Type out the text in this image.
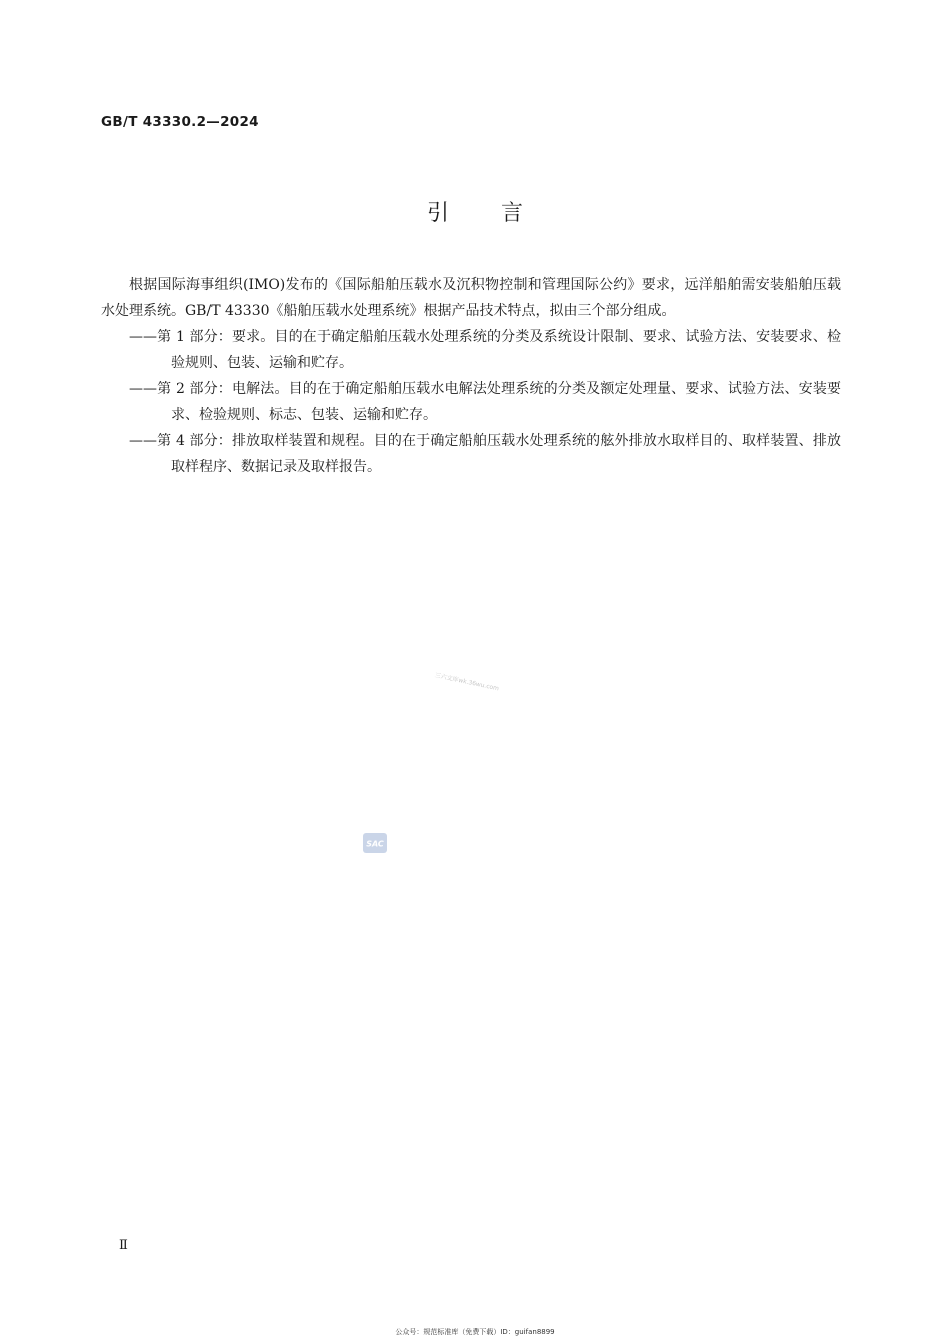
GB/T 43330.2—2024
引言

根据国际海事组织(IMO)发布的《国际船舶压载水及沉积物控制和管理国际公约》要求，远洋船舶需安装船舶压载水处理系统。GB/T 43330《船舶压载水处理系统》根据产品技术特点，拟由三个部分组成。

——第 1 部分：要求。目的在于确定船舶压载水处理系统的分类及系统设计限制、要求、试验方法、安装要求、检验规则、包装、运输和贮存。

——第 2 部分：电解法。目的在于确定船舶压载水电解法处理系统的分类及额定处理量、要求、试验方法、安装要求、检验规则、标志、包装、运输和贮存。

——第 4 部分：排放取样装置和规程。目的在于确定船舶压载水处理系统的舷外排放水取样目的、取样装置、排放取样程序、数据记录及取样报告。

三六文库wk.36wu.com
SAC
Ⅱ
公众号：规范标准库（免费下载）ID：guifan8899
